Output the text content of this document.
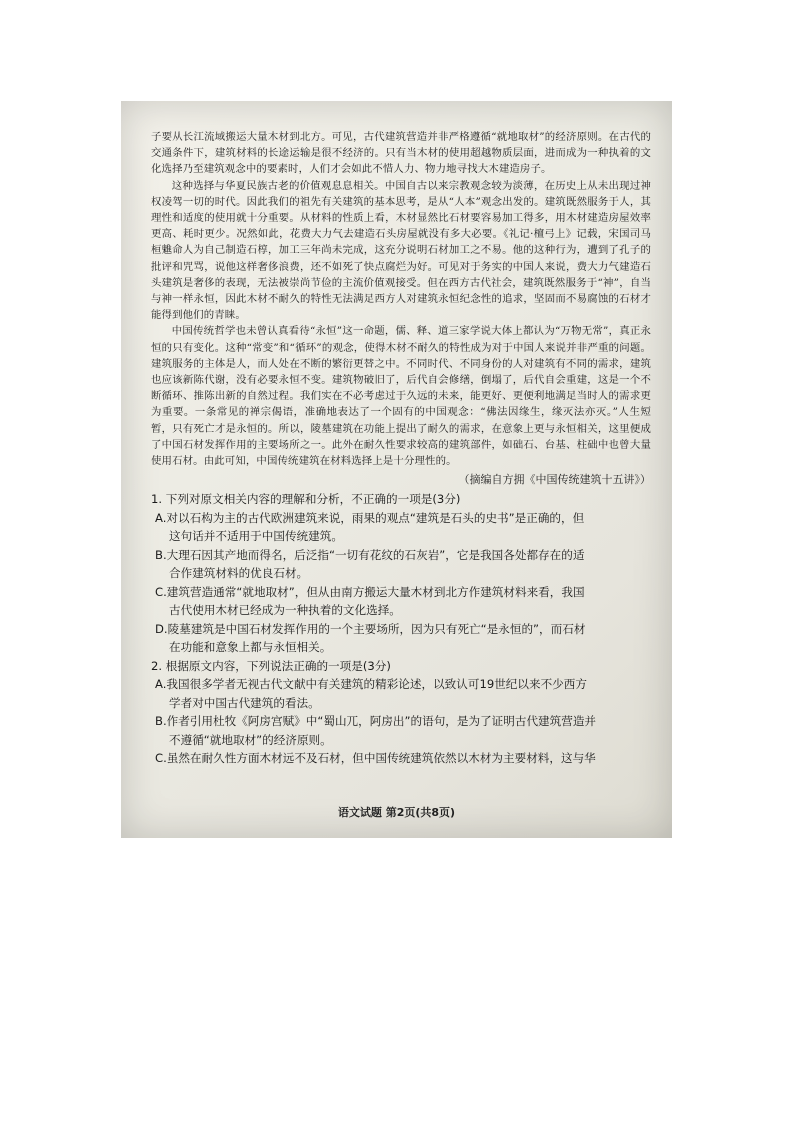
子要从长江流域搬运大量木材到北方。可见，古代建筑营造并非严格遵循“就地取材”的经济原则。在古代的交通条件下，建筑材料的长途运输是很不经济的。只有当木材的使用超越物质层面，进而成为一种执着的文化选择乃至建筑观念中的要素时，人们才会如此不惜人力、物力地寻找大木建造房子。

这种选择与华夏民族古老的价值观息息相关。中国自古以来宗教观念较为淡薄，在历史上从未出现过神权凌驾一切的时代。因此我们的祖先有关建筑的基本思考，是从“人本”观念出发的。建筑既然服务于人，其理性和适度的使用就十分重要。从材料的性质上看，木材显然比石材要容易加工得多，用木材建造房屋效率更高、耗时更少。况然如此，花费大力气去建造石头房屋就没有多大必要。《礼记·檀弓上》记载，宋国司马桓魋命人为自己制造石椁，加工三年尚未完成，这充分说明石材加工之不易。他的这种行为，遭到了孔子的批评和咒骂，说他这样奢侈浪费，还不如死了快点腐烂为好。可见对于务实的中国人来说，费大力气建造石头建筑是奢侈的表现，无法被崇尚节俭的主流价值观接受。但在西方古代社会，建筑既然服务于“神”，自当与神一样永恒，因此木材不耐久的特性无法满足西方人对建筑永恒纪念性的追求，坚固而不易腐蚀的石材才能得到他们的青睐。

中国传统哲学也未曾认真看待“永恒”这一命题，儒、释、道三家学说大体上都认为“万物无常”，真正永恒的只有变化。这种“常变”和“循环”的观念，使得木材不耐久的特性成为对于中国人来说并非严重的问题。建筑服务的主体是人，而人处在不断的繁衍更替之中。不同时代、不同身份的人对建筑有不同的需求，建筑也应该新陈代谢，没有必要永恒不变。建筑物破旧了，后代自会修缮，倒塌了，后代自会重建，这是一个不断循环、推陈出新的自然过程。我们实在不必考虑过于久远的未来，能更好、更便利地满足当时人的需求更为重要。一条常见的禅宗偈语，准确地表达了一个固有的中国观念：“佛法因缘生，缘灭法亦灭。”人生短暂，只有死亡才是永恒的。所以，陵墓建筑在功能上提出了耐久的需求，在意象上更与永恒相关，这里便成了中国石材发挥作用的主要场所之一。此外在耐久性要求较高的建筑部件，如础石、台基、柱础中也曾大量使用石材。由此可知，中国传统建筑在材料选择上是十分理性的。

（摘编自方拥《中国传统建筑十五讲》）

1. 下列对原文相关内容的理解和分析，不正确的一项是(3分)

A.对以石构为主的古代欧洲建筑来说，雨果的观点“建筑是石头的史书”是正确的，但
这句话并不适用于中国传统建筑。

B.大理石因其产地而得名，后泛指“一切有花纹的石灰岩”，它是我国各处都存在的适
合作建筑材料的优良石材。

C.建筑营造通常“就地取材”，但从由南方搬运大量木材到北方作建筑材料来看，我国
古代使用木材已经成为一种执着的文化选择。

D.陵墓建筑是中国石材发挥作用的一个主要场所，因为只有死亡“是永恒的”，而石材
在功能和意象上都与永恒相关。

2. 根据原文内容，下列说法正确的一项是(3分)

A.我国很多学者无视古代文献中有关建筑的精彩论述，以致认可19世纪以来不少西方
学者对中国古代建筑的看法。

B.作者引用杜牧《阿房宫赋》中“蜀山兀，阿房出”的语句，是为了证明古代建筑营造并
不遵循“就地取材”的经济原则。

C.虽然在耐久性方面木材远不及石材，但中国传统建筑依然以木材为主要材料，这与华

语文试题 第2页(共8页)
